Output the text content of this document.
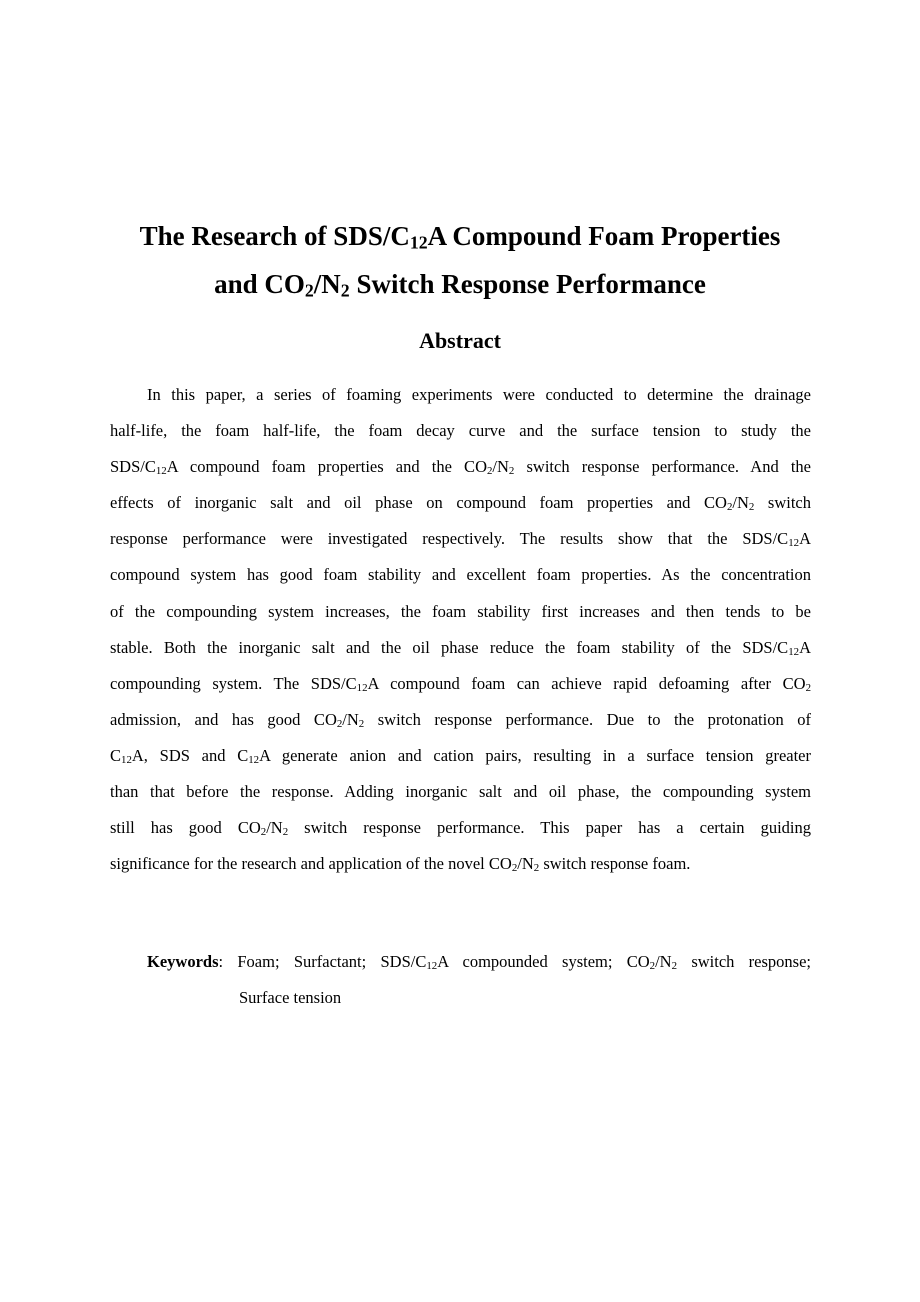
The Research of SDS/$C_{12}A$ Compound Foam Properties
and $CO_2/N_2$ Switch Response Performance
Abstract
In this paper, a series of foaming experiments were conducted to determine the drainage
half-life, the foam half-life, the foam decay curve and the surface tension to study the
SDS/$C_{12}A$ compound foam properties and the $CO_2/N_2$ switch response performance. And the
effects of inorganic salt and oil phase on compound foam properties and $CO_2/N_2$ switch
response performance were investigated respectively. The results show that the SDS/$C_{12}A$
compound system has good foam stability and excellent foam properties. As the concentration
of the compounding system increases, the foam stability first increases and then tends to be
stable. Both the inorganic salt and the oil phase reduce the foam stability of the SDS/$C_{12}A$
compounding system. The SDS/$C_{12}A$ compound foam can achieve rapid defoaming after $CO_2$
admission, and has good $CO_2/N_2$ switch response performance. Due to the protonation of
$C_{12}A$, SDS and $C_{12}A$ generate anion and cation pairs, resulting in a surface tension greater
than that before the response. Adding inorganic salt and oil phase, the compounding system
still has good $CO_2/N_2$ switch response performance. This paper has a certain guiding
significance for the research and application of the novel $CO_2/N_2$ switch response foam.
Keywords: Foam; Surfactant; SDS/$C_{12}A$ compounded system; $CO_2/N_2$ switch response;
Surface tension
